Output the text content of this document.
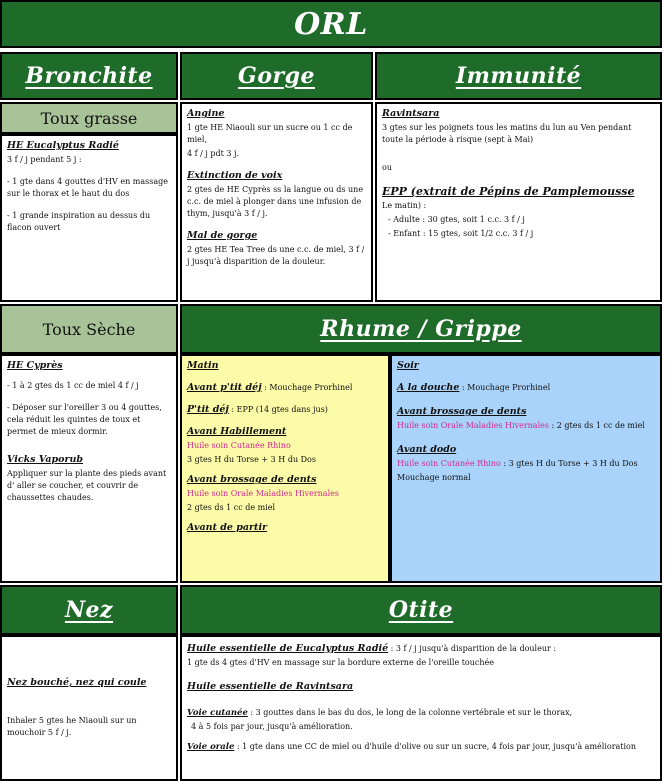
ORL
Bronchite	Gorge	Immunité
Toux grasse
HE Eucalyptus Radié

3 f / j pendant 5 j :

- 1 gte dans 4 gouttes d'HV en massage sur le thorax et le haut du dos

- 1 grande inspiration au dessus du flacon ouvert

Angine

1 gte HE Niaouli sur un sucre ou 1 cc de miel,

4 f / j pdt 3 j.

Extinction de voix

2 gtes de HE Cyprès ss la langue ou ds une c.c. de miel à plonger dans une infusion de thym, jusqu'à 3 f / j.

Mal de gorge

2 gtes HE Tea Tree ds une c.c. de miel, 3 f / j jusqu'à disparition de la douleur.

Ravintsara

3 gtes sur les poignets tous les matins du lun au Ven pendant toute la période à risque (sept à Mai)

ou

EPP (extrait de Pépins de Pamplemousse

Le matin) :

- Adulte : 30 gtes, soit 1 c.c. 3 f / j

- Enfant : 15 gtes, soit 1/2 c.c. 3 f / j

Toux Sèche
HE Cyprès

- 1 à 2 gtes ds 1 cc de miel 4 f / j

- Déposer sur l'oreiller 3 ou 4 gouttes, cela réduit les quintes de toux et permet de mieux dormir.

Vicks Vaporub

Appliquer sur la plante des pieds avant d' aller se coucher, et couvrir de chaussettes chaudes.

Rhume / Grippe
Matin

Avant p'tit déj : Mouchage Prorhinel

P'tit déj : EPP (14 gtes dans jus)

Avant Habillement

Huile soin Cutanée Rhino

3 gtes H du Torse + 3 H du Dos

Avant brossage de dents

Huile soin Orale Maladies Hivernales

2 gtes ds 1 cc de miel

Avant de partir
Soir

A la douche : Mouchage Prorhinel

Avant brossage de dents

Huile soin Orale Maladies Hivernales : 2 gtes ds 1 cc de miel

Avant dodo

Huile soin Cutanée Rhino : 3 gtes H du Torse + 3 H du Dos

Mouchage normal

Nez
Nez bouché, nez qui coule

Inhaler 5 gtes he Niaouli sur un mouchoir 5 f / j.

Otite

Huile essentielle de Eucalyptus Radié : 3 f / j jusqu'à disparition de la douleur :

1 gte ds 4 gtes d'HV en massage sur la bordure externe de l'oreille touchée

Huile essentielle de Ravintsara

Voie cutanée : 3 gouttes dans le bas du dos, le long de la colonne vertébrale et sur le thorax,

4 à 5 fois par jour, jusqu'à amélioration.

Voie orale : 1 gte dans une CC de miel ou d'huile d'olive ou sur un sucre, 4 fois par jour, jusqu'à amélioration
